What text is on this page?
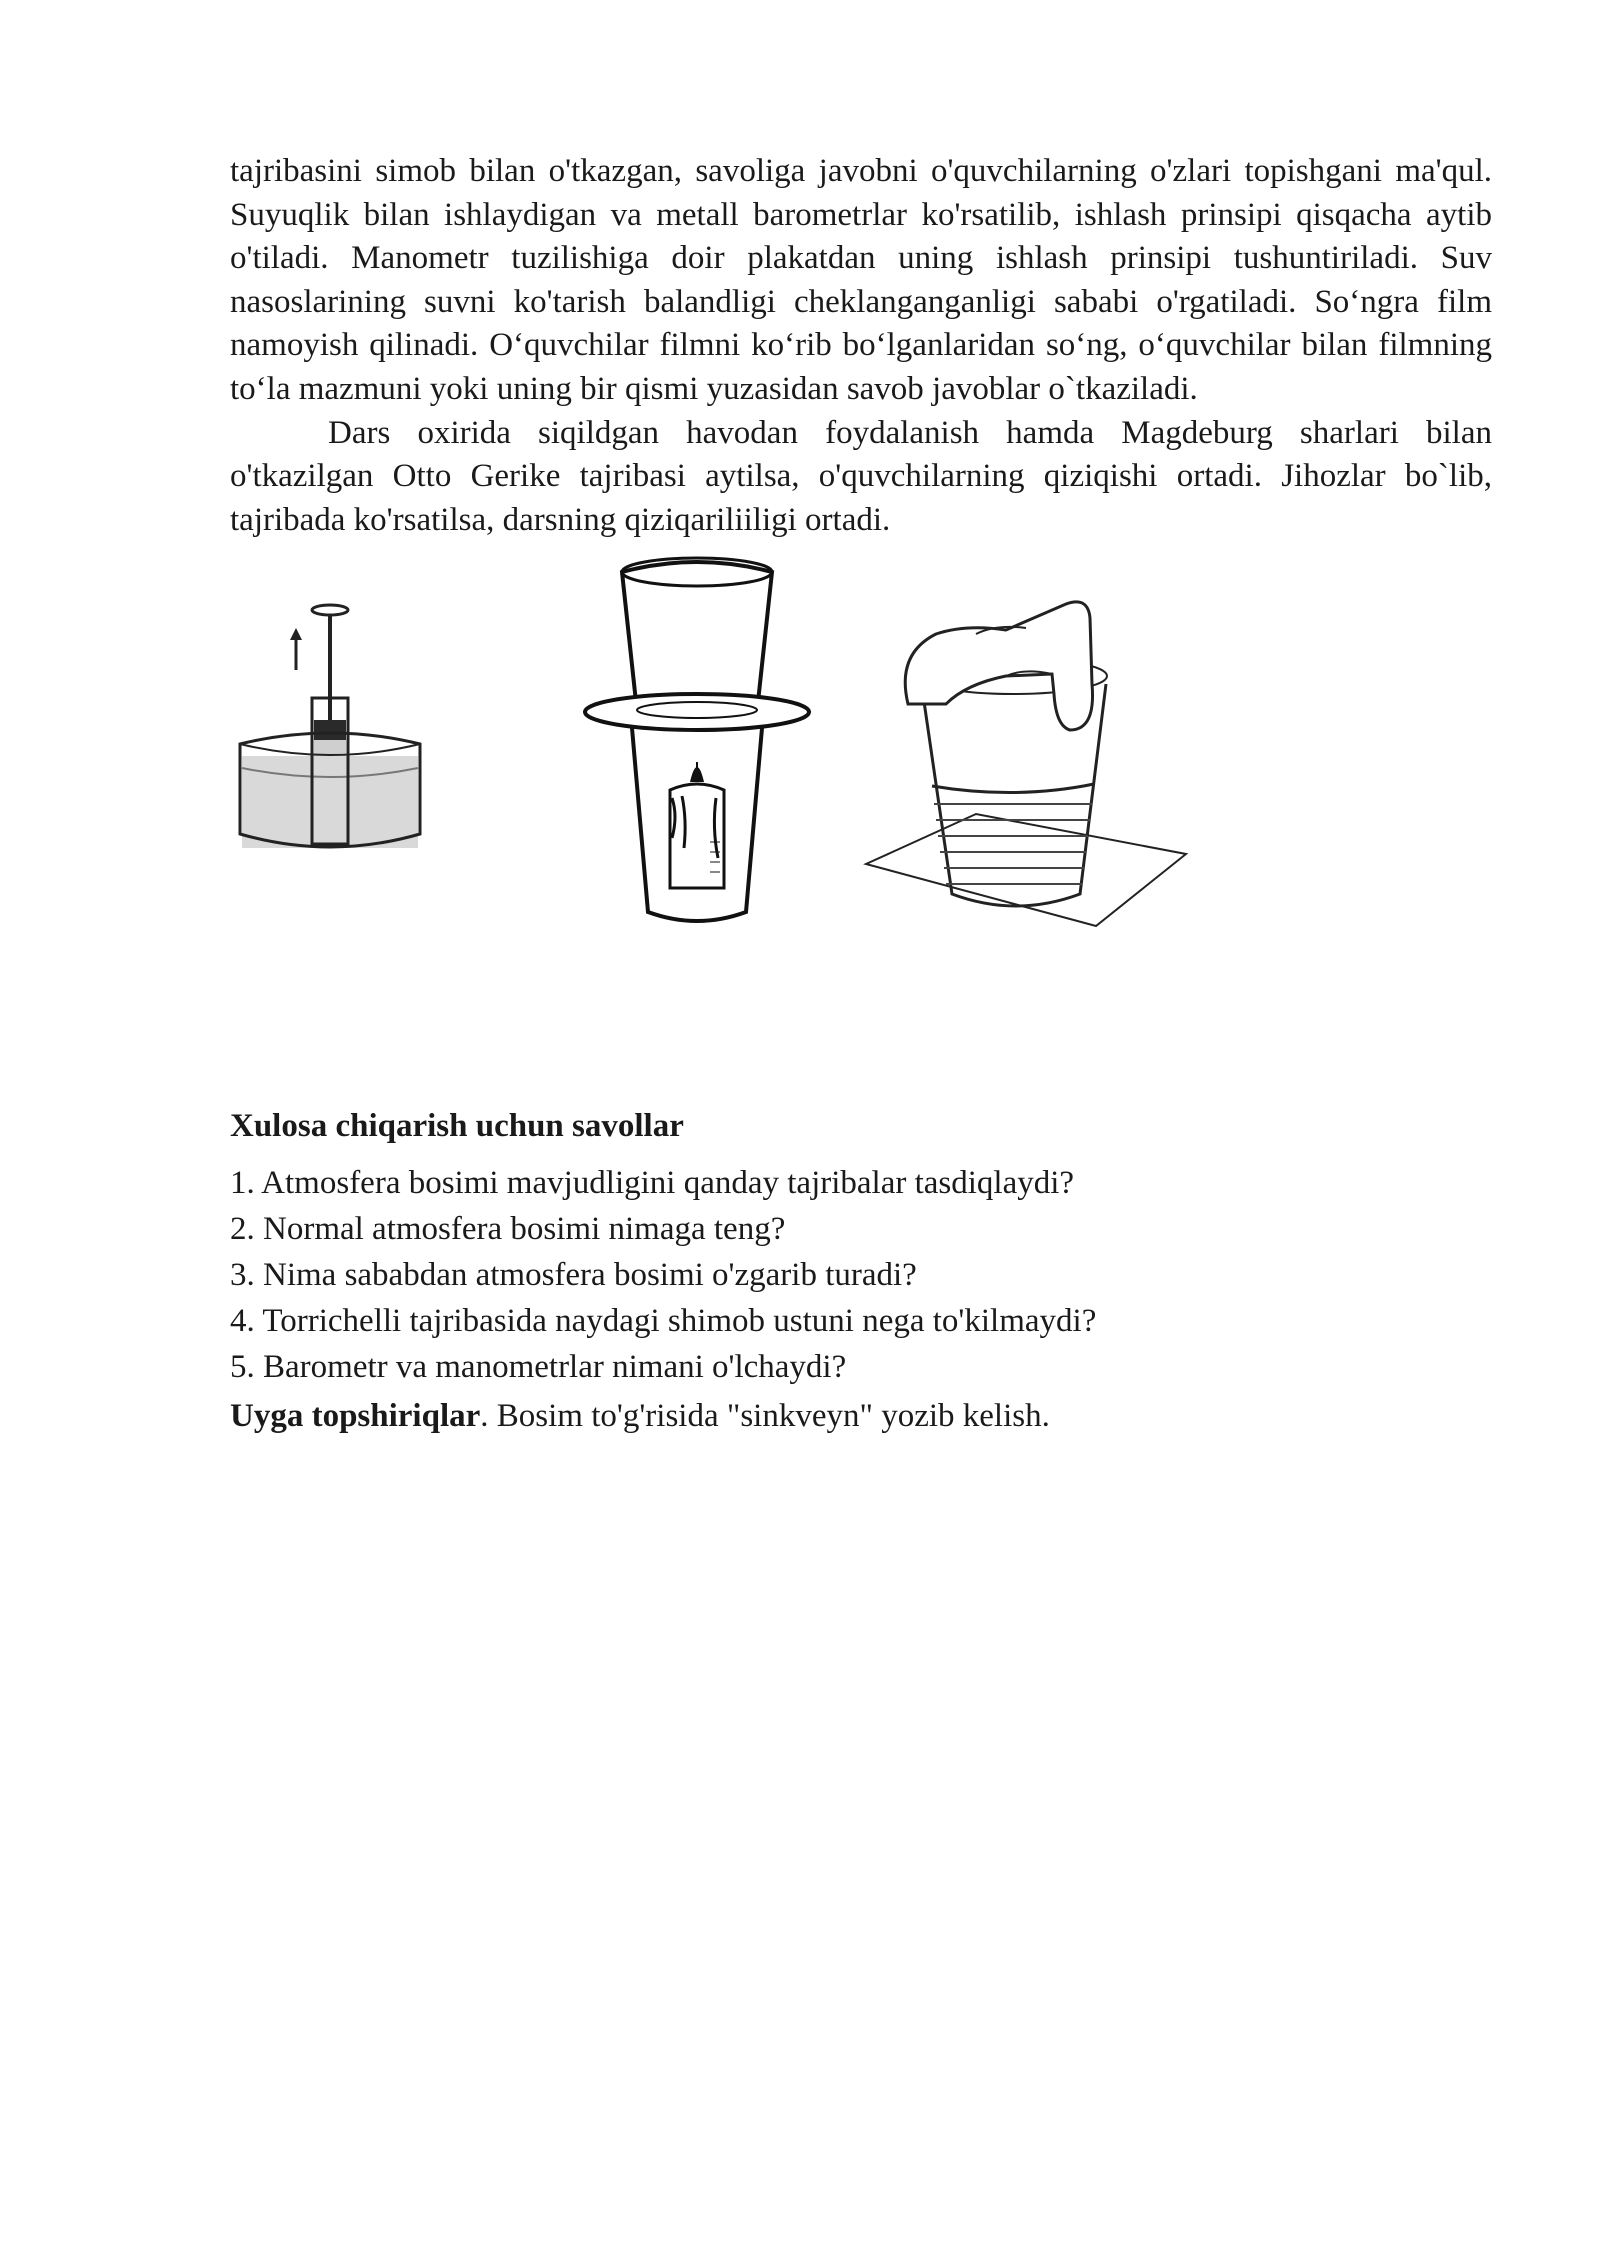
tajribasini simob bilan o'tkazgan, savoliga javobni o'quvchilarning o'zlari topishgani ma'qul. Suyuqlik bilan ishlaydigan va metall barometrlar ko'rsatilib, ishlash prinsipi qisqacha aytib o'tiladi. Manometr tuzilishiga doir plakatdan uning ishlash prinsipi tushuntiriladi. Suv nasoslarining suvni ko'tarish balandligi cheklanganganligi sababi o'rgatiladi. So‘ngra film namoyish qilinadi. O‘quvchilar filmni ko‘rib bo‘lganlaridan so‘ng, o‘quvchilar bilan filmning to‘la mazmuni yoki uning bir qismi yuzasidan savob javoblar o`tkaziladi.

Dars oxirida siqildgan havodan foydalanish hamda Magdeburg sharlari bilan o'tkazilgan Otto Gerike tajribasi aytilsa, o'quvchilarning qiziqishi ortadi. Jihozlar bo`lib, tajribada ko'rsatilsa, darsning qiziqariliiligi ortadi.

Xulosa chiqarish uchun savollar

1. Atmosfera bosimi mavjudligini qanday tajribalar tasdiqlaydi?
2. Normal atmosfera bosimi nimaga teng?
3. Nima sababdan atmosfera bosimi o'zgarib turadi?
4. Torrichelli tajribasida naydagi shimob ustuni nega to'kilmaydi?
5. Barometr va manometrlar nimani o'lchaydi?

Uyga topshiriqlar. Bosim to'g'risida "sinkveyn" yozib kelish.
